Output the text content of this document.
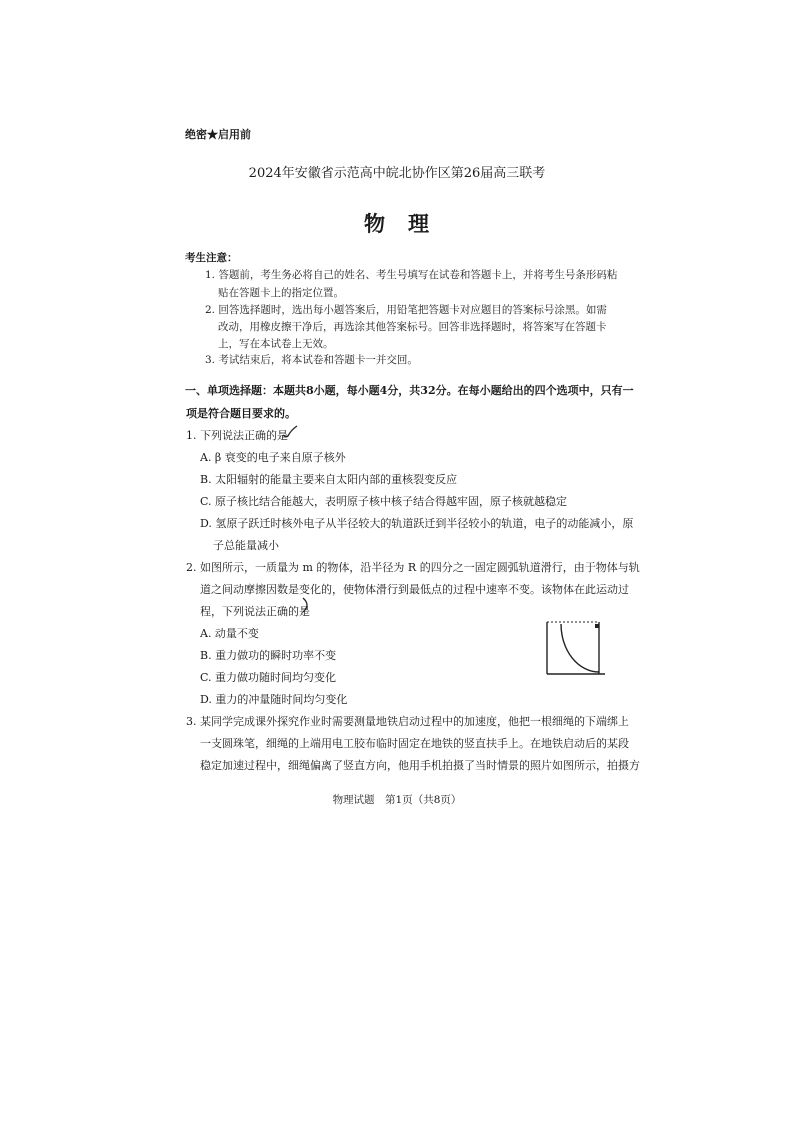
绝密★启用前
2024年安徽省示范高中皖北协作区第26届高三联考
物　理
考生注意：
1. 答题前，考生务必将自己的姓名、考生号填写在试卷和答题卡上，并将考生号条形码粘
贴在答题卡上的指定位置。
2. 回答选择题时，选出每小题答案后，用铅笔把答题卡对应题目的答案标号涂黑。如需
改动，用橡皮擦干净后，再选涂其他答案标号。回答非选择题时，将答案写在答题卡
上，写在本试卷上无效。
3. 考试结束后，将本试卷和答题卡一并交回。
一、单项选择题：本题共8小题，每小题4分，共32分。在每小题给出的四个选项中，只有一
项是符合题目要求的。
1. 下列说法正确的是
A. β 衰变的电子来自原子核外
B. 太阳辐射的能量主要来自太阳内部的重核裂变反应
C. 原子核比结合能越大，表明原子核中核子结合得越牢固，原子核就越稳定
D. 氢原子跃迁时核外电子从半径较大的轨道跃迁到半径较小的轨道，电子的动能减小，原
子总能量减小
2. 如图所示，一质量为 m 的物体，沿半径为 R 的四分之一固定圆弧轨道滑行，由于物体与轨
道之间动摩擦因数是变化的，使物体滑行到最低点的过程中速率不变。该物体在此运动过
程，下列说法正确的是
A. 动量不变
B. 重力做功的瞬时功率不变
C. 重力做功随时间均匀变化
D. 重力的冲量随时间均匀变化
3. 某同学完成课外探究作业时需要测量地铁启动过程中的加速度，他把一根细绳的下端绑上
一支圆珠笔，细绳的上端用电工胶布临时固定在地铁的竖直扶手上。在地铁启动后的某段
稳定加速过程中，细绳偏离了竖直方向，他用手机拍摄了当时情景的照片如图所示，拍摄方
物理试题　第1页（共8页）
